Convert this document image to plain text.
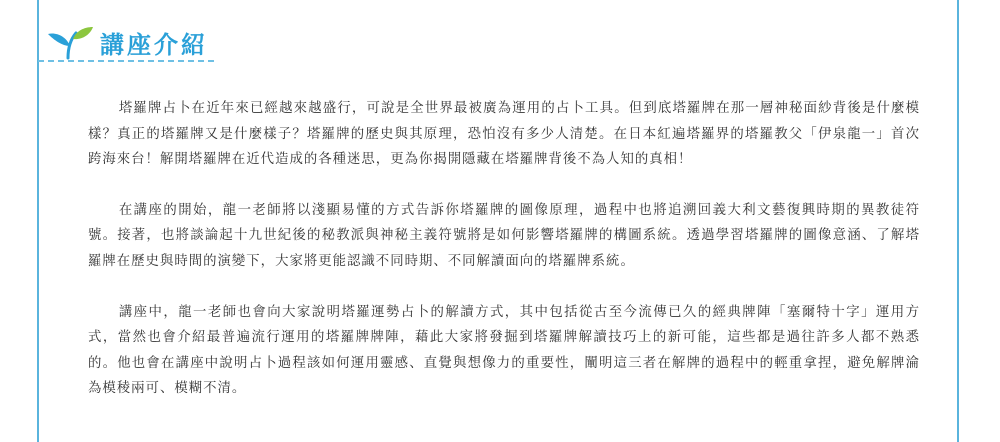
講座介紹

塔羅牌占卜在近年來已經越來越盛行，可說是全世界最被廣為運用的占卜工具。但到底塔羅牌在那一層神秘面紗背後是什麼模樣？真正的塔羅牌又是什麼樣子？塔羅牌的歷史與其原理，恐怕沒有多少人清楚。在日本紅遍塔羅界的塔羅教父「伊泉龍一」首次跨海來台！解開塔羅牌在近代造成的各種迷思，更為你揭開隱藏在塔羅牌背後不為人知的真相！

在講座的開始，龍一老師將以淺顯易懂的方式告訴你塔羅牌的圖像原理，過程中也將追溯回義大利文藝復興時期的異教徒符號。接著，也將談論起十九世紀後的秘教派與神秘主義符號將是如何影響塔羅牌的構圖系統。透過學習塔羅牌的圖像意涵、了解塔羅牌在歷史與時間的演變下，大家將更能認識不同時期、不同解讀面向的塔羅牌系統。

講座中，龍一老師也會向大家說明塔羅運勢占卜的解讀方式，其中包括從古至今流傳已久的經典牌陣「塞爾特十字」運用方式，當然也會介紹最普遍流行運用的塔羅牌牌陣，藉此大家將發掘到塔羅牌解讀技巧上的新可能，這些都是過往許多人都不熟悉的。他也會在講座中說明占卜過程該如何運用靈感、直覺與想像力的重要性，闡明這三者在解牌的過程中的輕重拿捏，避免解牌淪為模稜兩可、模糊不清。
